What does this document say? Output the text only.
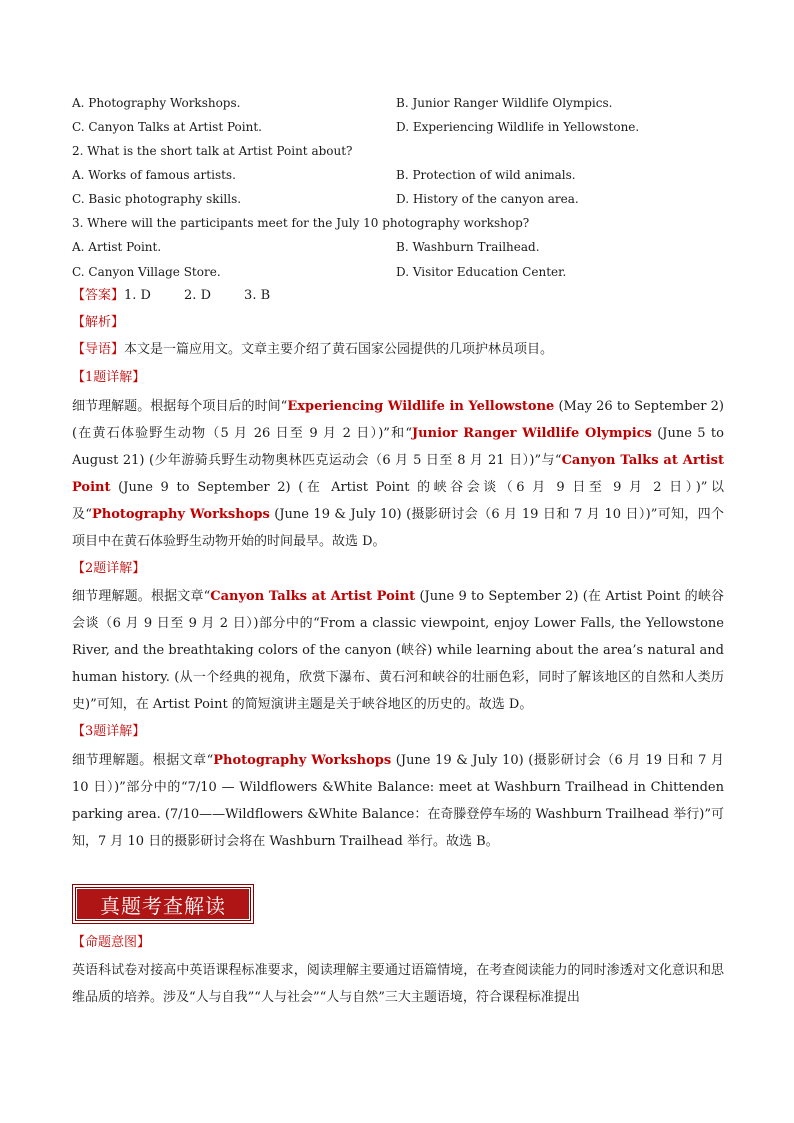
A. Photography Workshops.	B. Junior Ranger Wildlife Olympics.
C. Canyon Talks at Artist Point.	D. Experiencing Wildlife in Yellowstone.
2. What is the short talk at Artist Point about?
A. Works of famous artists.	B. Protection of wild animals.
C. Basic photography skills.	D. History of the canyon area.
3. Where will the participants meet for the July 10 photography workshop?
A. Artist Point.	B. Washburn Trailhead.
C. Canyon Village Store.	D. Visitor Education Center.
【答案】1. D        2. D        3. B
【解析】
【导语】本文是一篇应用文。文章主要介绍了黄石国家公园提供的几项护林员项目。
【1题详解】

细节理解题。根据每个项目后的时间“Experiencing Wildlife in Yellowstone (May 26 to September 2) (在黄石体验野生动物（5 月 26 日至 9 月 2 日）)”和“Junior Ranger Wildlife Olympics (June 5 to August 21) (少年游骑兵野生动物奥林匹克运动会（6 月 5 日至 8 月 21 日）)”与“Canyon Talks at Artist Point (June 9 to September 2) (在 Artist Point 的峡谷会谈（6 月 9 日至 9 月 2 日）)”以及“Photography Workshops (June 19 & July 10) (摄影研讨会（6 月 19 日和 7 月 10 日）)”可知，四个项目中在黄石体验野生动物开始的时间最早。故选 D。

【2题详解】

细节理解题。根据文章“Canyon Talks at Artist Point (June 9 to September 2) (在 Artist Point 的峡谷会谈（6 月 9 日至 9 月 2 日）)部分中的“From a classic viewpoint, enjoy Lower Falls, the Yellowstone River, and the breathtaking colors of the canyon (峡谷) while learning about the area’s natural and human history. (从一个经典的视角，欣赏下瀑布、黄石河和峡谷的壮丽色彩，同时了解该地区的自然和人类历史)”可知，在 Artist Point 的简短演讲主题是关于峡谷地区的历史的。故选 D。

【3题详解】

细节理解题。根据文章“Photography Workshops (June 19 & July 10) (摄影研讨会（6 月 19 日和 7 月 10 日）)”部分中的“7/10 — Wildflowers &White Balance: meet at Washburn Trailhead in Chittenden parking area. (7/10——Wildflowers &White Balance：在奇滕登停车场的 Washburn Trailhead 举行)”可知，7 月 10 日的摄影研讨会将在 Washburn Trailhead 举行。故选 B。

真题考查解读
【命题意图】

英语科试卷对接高中英语课程标准要求，阅读理解主要通过语篇情境，在考查阅读能力的同时渗透对文化意识和思维品质的培养。涉及“人与自我”“人与社会”“人与自然”三大主题语境，符合课程标准提出
